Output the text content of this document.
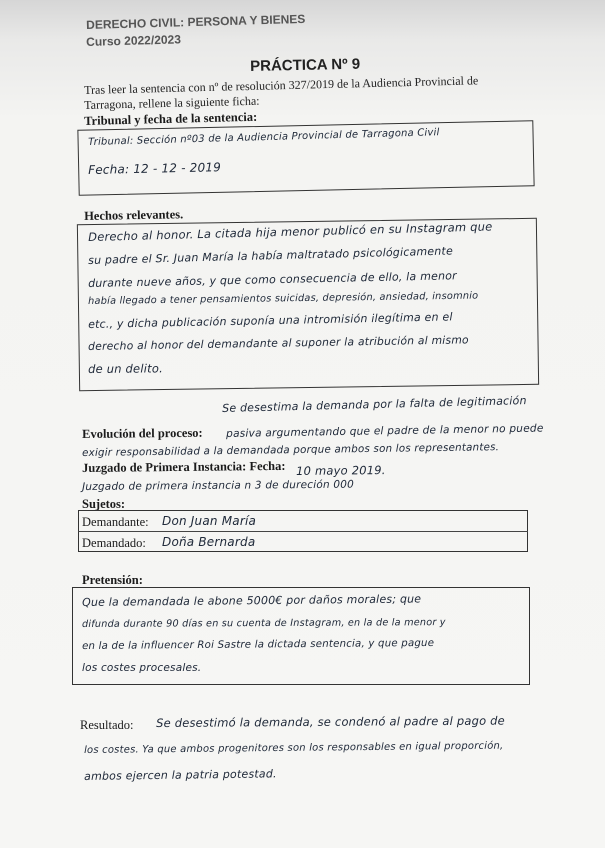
DERECHO CIVIL: PERSONA Y BIENES
Curso 2022/2023
PRÁCTICA Nº 9
Tras leer la sentencia con nº de resolución 327/2019 de la Audiencia Provincial de
Tarragona, rellene la siguiente ficha:
Tribunal y fecha de la sentencia:
Tribunal: Sección nº03 de la Audiencia Provincial de Tarragona Civil
Fecha: 12 - 12 - 2019
Hechos relevantes.
Derecho al honor. La citada hija menor publicó en su Instagram que
su padre el Sr. Juan María la había maltratado psicológicamente
durante nueve años, y que como consecuencia de ello, la menor
había llegado a tener pensamientos suicidas, depresión, ansiedad, insomnio
etc., y dicha publicación suponía una intromisión ilegítima en el
derecho al honor del demandante al suponer la atribución al mismo
de un delito.
Se desestima la demanda por la falta de legitimación
Evolución del proceso: pasiva argumentando que el padre de la menor no puede
exigir responsabilidad a la demandada porque ambos son los representantes.
Juzgado de Primera Instancia: Fecha: 10 mayo 2019.
Juzgado de primera instancia n 3 de dureción 000
Sujetos:
Demandante: Don Juan María
Demandado: Doña Bernarda
Pretensión:
Que la demandada le abone 5000€ por daños morales; que
difunda durante 90 días en su cuenta de Instagram, en la de la menor y
en la de la influencer Roi Sastre la dictada sentencia, y que pague
los costes procesales.
Resultado: Se desestimó la demanda, se condenó al padre al pago de
los costes. Ya que ambos progenitores son los responsables en igual proporción,
ambos ejercen la patria potestad.
